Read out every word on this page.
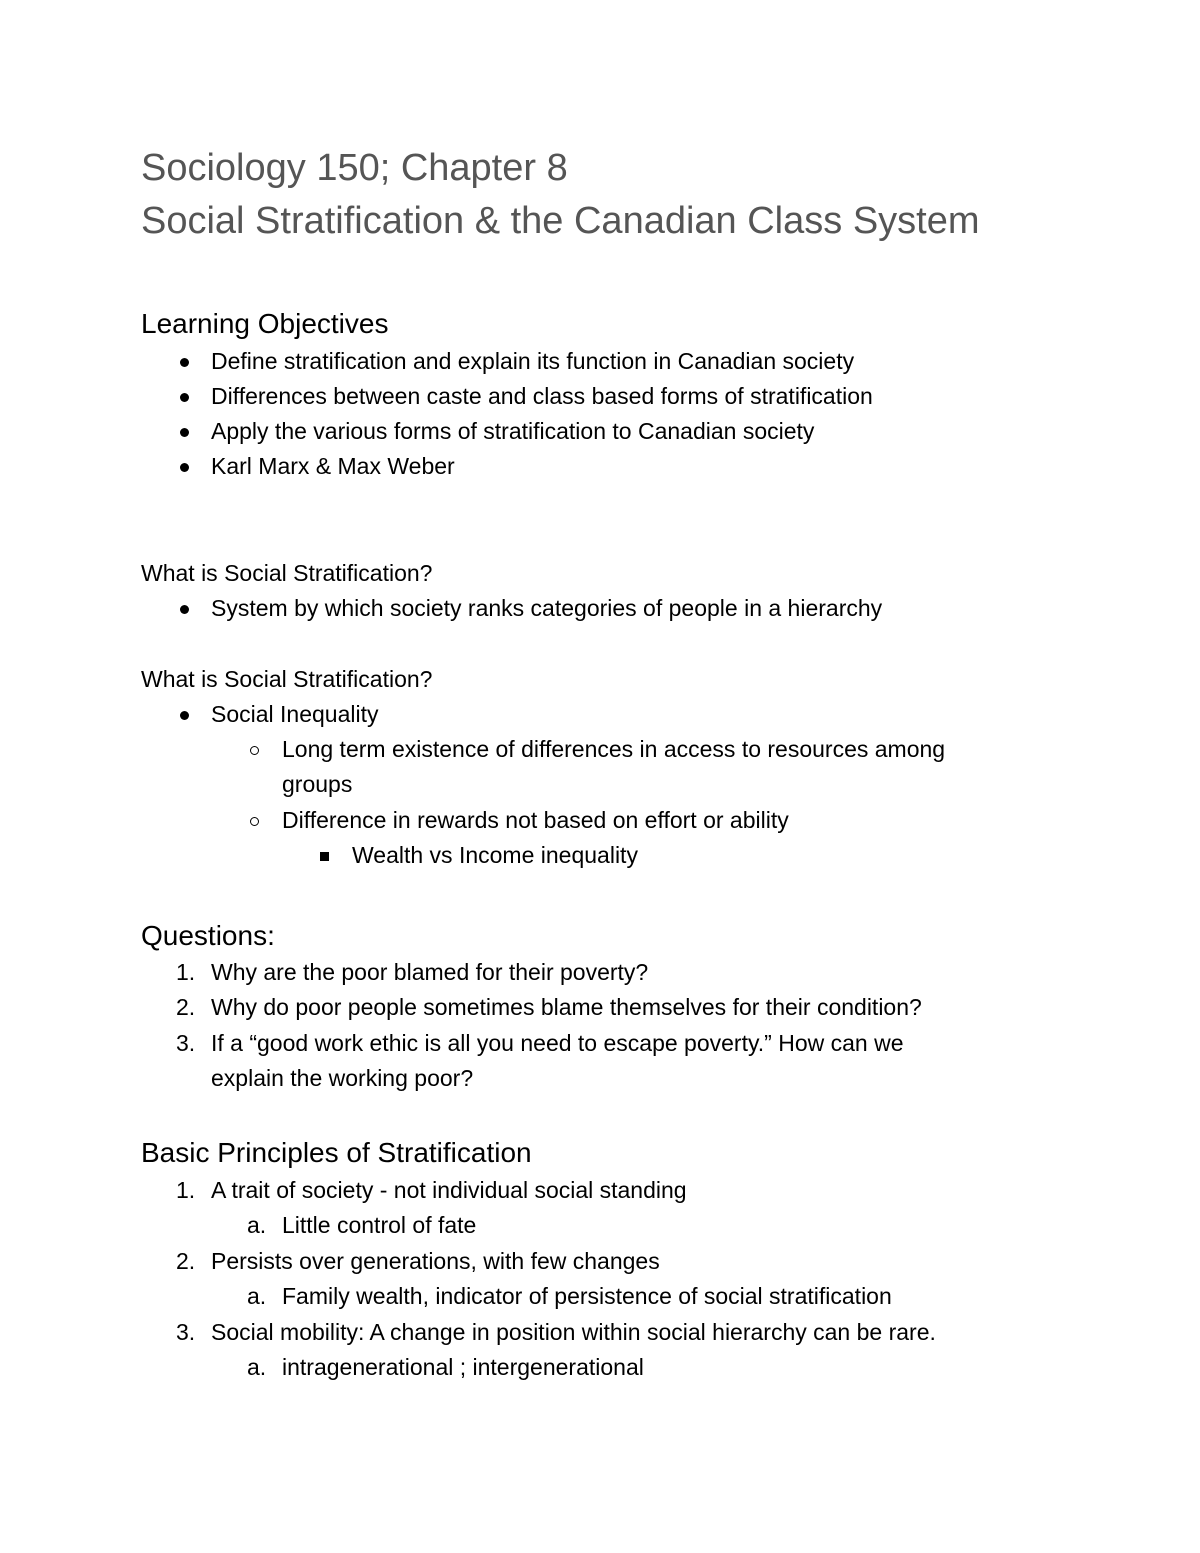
Sociology 150; Chapter 8
Social Stratification & the Canadian Class System
Learning Objectives
Define stratification and explain its function in Canadian society
Differences between caste and class based forms of stratification
Apply the various forms of stratification to Canadian society
Karl Marx & Max Weber
What is Social Stratification?
System by which society ranks categories of people in a hierarchy
What is Social Stratification?
Social Inequality
Long term existence of differences in access to resources among
groups
Difference in rewards not based on effort or ability
Wealth vs Income inequality
Questions:
1. Why are the poor blamed for their poverty?
2. Why do poor people sometimes blame themselves for their condition?
3. If a “good work ethic is all you need to escape poverty.” How can we
explain the working poor?
Basic Principles of Stratification
1. A trait of society - not individual social standing
a. Little control of fate
2. Persists over generations, with few changes
a. Family wealth, indicator of persistence of social stratification
3. Social mobility: A change in position within social hierarchy can be rare.
a. intragenerational ; intergenerational
